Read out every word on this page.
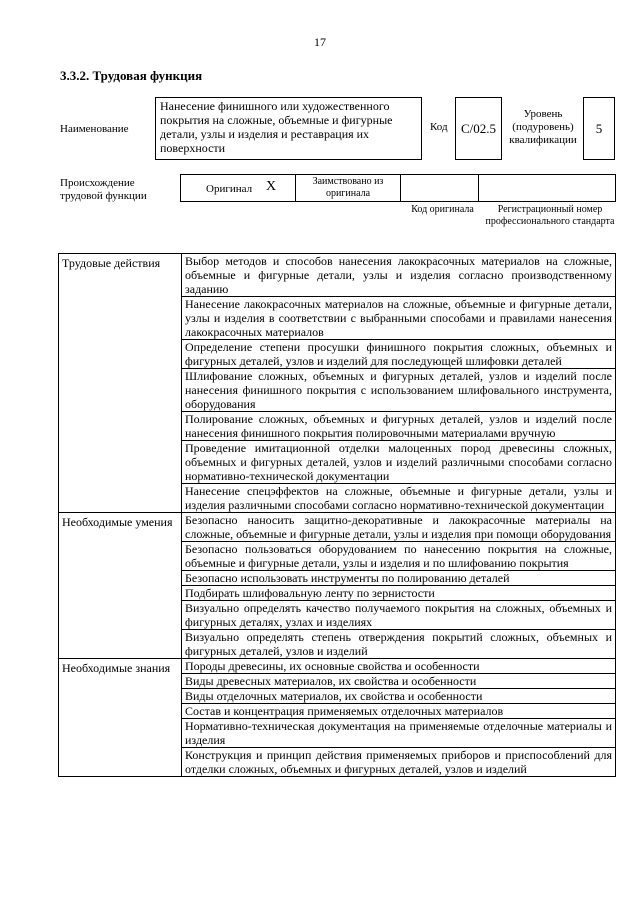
17
3.3.2. Трудовая функция
Наименование
Нанесение финишного или художественного покрытия на сложные, объемные и фигурные детали, узлы и изделия и реставрация их поверхности
Код	C/02.5
Уровень (подуровень) квалификации
5
Происхождение трудовой функции
Оригинал X	Заимствовано из оригинала
Код оригинала	Регистрационный номер профессионального стандарта
Трудовые действия	Выбор методов и способов нанесения лакокрасочных материалов на сложные, объемные и фигурные детали, узлы и изделия согласно производственному заданию
	Нанесение лакокрасочных материалов на сложные, объемные и фигурные детали, узлы и изделия в соответствии с выбранными способами и правилами нанесения лакокрасочных материалов
	Определение степени просушки финишного покрытия сложных, объемных и фигурных деталей, узлов и изделий для последующей шлифовки деталей
	Шлифование сложных, объемных и фигурных деталей, узлов и изделий после нанесения финишного покрытия с использованием шлифовального инструмента, оборудования
	Полирование сложных, объемных и фигурных деталей, узлов и изделий после нанесения финишного покрытия полировочными материалами вручную
	Проведение имитационной отделки малоценных пород древесины сложных, объемных и фигурных деталей, узлов и изделий различными способами согласно нормативно-технической документации
	Нанесение спецэффектов на сложные, объемные и фигурные детали, узлы и изделия различными способами согласно нормативно-технической документации
Необходимые умения	Безопасно наносить защитно-декоративные и лакокрасочные материалы на сложные, объемные и фигурные детали, узлы и изделия при помощи оборудования
	Безопасно пользоваться оборудованием по нанесению покрытия на сложные, объемные и фигурные детали, узлы и изделия и по шлифованию покрытия
	Безопасно использовать инструменты по полированию деталей
	Подбирать шлифовальную ленту по зернистости
	Визуально определять качество получаемого покрытия на сложных, объемных и фигурных деталях, узлах и изделиях
	Визуально определять степень отверждения покрытий сложных, объемных и фигурных деталей, узлов и изделий
Необходимые знания	Породы древесины, их основные свойства и особенности
	Виды древесных материалов, их свойства и особенности
	Виды отделочных материалов, их свойства и особенности
	Состав и концентрация применяемых отделочных материалов
	Нормативно-техническая документация на применяемые отделочные материалы и изделия
	Конструкция и принцип действия применяемых приборов и приспособлений для отделки сложных, объемных и фигурных деталей, узлов и изделий
